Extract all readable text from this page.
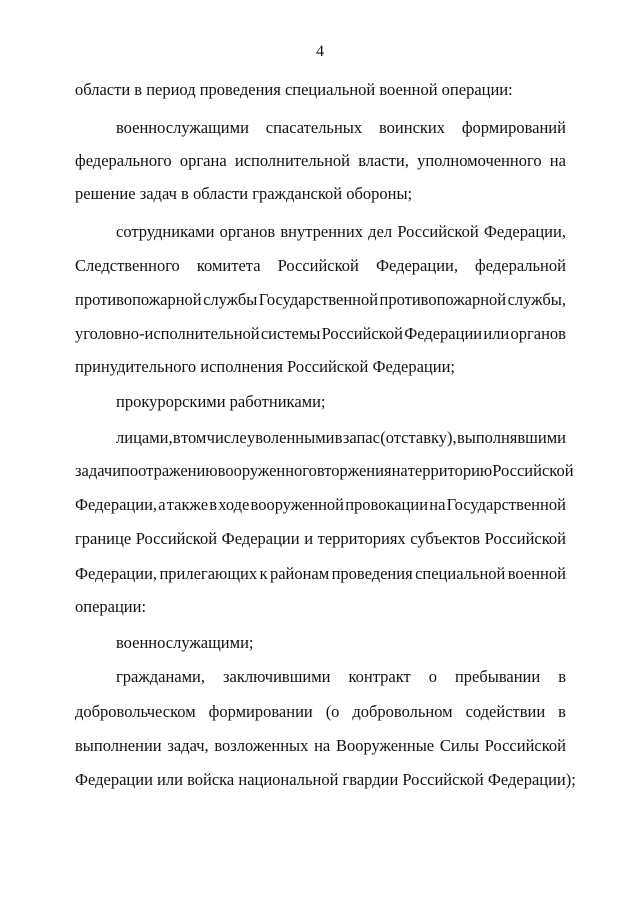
4
области в период проведения специальной военной операции:
военнослужащими спасательных воинских формирований
федерального органа исполнительной власти, уполномоченного на
решение задач в области гражданской обороны;
сотрудниками органов внутренних дел Российской Федерации,
Следственного комитета Российской Федерации, федеральной
противопожарной службы Государственной противопожарной службы,
уголовно-исполнительной системы Российской Федерации или органов
принудительного исполнения Российской Федерации;
прокурорскими работниками;
лицами, в том числе уволенными в запас (отставку), выполнявшими
задачи по отражению вооруженного вторжения на территорию Российской
Федерации, а также в ходе вооруженной провокации на Государственной
границе Российской Федерации и территориях субъектов Российской
Федерации, прилегающих к районам проведения специальной военной
операции:
военнослужащими;
гражданами, заключившими контракт о пребывании в
добровольческом формировании (о добровольном содействии в
выполнении задач, возложенных на Вооруженные Силы Российской
Федерации или войска национальной гвардии Российской Федерации);
